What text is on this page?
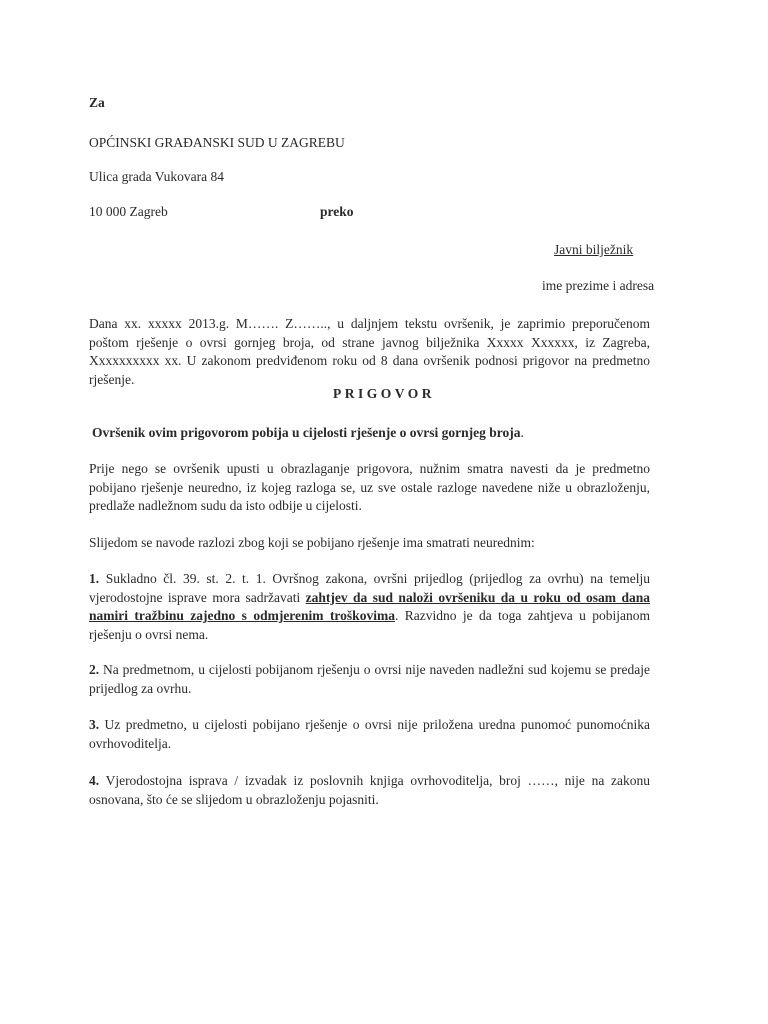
Za
OPĆINSKI GRAĐANSKI SUD U ZAGREBU
Ulica grada Vukovara 84
10 000 Zagreb	preko
Javni bilježnik
ime prezime i adresa
Dana xx. xxxxx 2013.g. M……. Z…….., u daljnjem tekstu ovršenik, je zaprimio preporučenom poštom rješenje o ovrsi gornjeg broja, od strane javnog bilježnika Xxxxx Xxxxxx, iz Zagreba, Xxxxxxxxxx xx. U zakonom predviđenom roku od 8 dana ovršenik podnosi prigovor na predmetno rješenje.
PRIGOVOR
Ovršenik ovim prigovorom pobija u cijelosti rješenje o ovrsi gornjeg broja.
Prije nego se ovršenik upusti u obrazlaganje prigovora, nužnim smatra navesti da je predmetno pobijano rješenje neuredno, iz kojeg razloga se, uz sve ostale razloge navedene niže u obrazloženju, predlaže nadležnom sudu da isto odbije u cijelosti.
Slijedom se navode razlozi zbog koji se pobijano rješenje ima smatrati neurednim:
1. Sukladno čl. 39. st. 2. t. 1. Ovršnog zakona, ovršni prijedlog (prijedlog za ovrhu) na temelju vjerodostojne isprave mora sadržavati zahtjev da sud naloži ovršeniku da u roku od osam dana namiri tražbinu zajedno s odmjerenim troškovima. Razvidno je da toga zahtjeva u pobijanom rješenju o ovrsi nema.
2. Na predmetnom, u cijelosti pobijanom rješenju o ovrsi nije naveden nadležni sud kojemu se predaje prijedlog za ovrhu.
3. Uz predmetno, u cijelosti pobijano rješenje o ovrsi nije priložena uredna punomoć punomoćnika ovrhovoditelja.
4. Vjerodostojna isprava / izvadak iz poslovnih knjiga ovrhovoditelja, broj ……, nije na zakonu osnovana, što će se slijedom u obrazloženju pojasniti.
